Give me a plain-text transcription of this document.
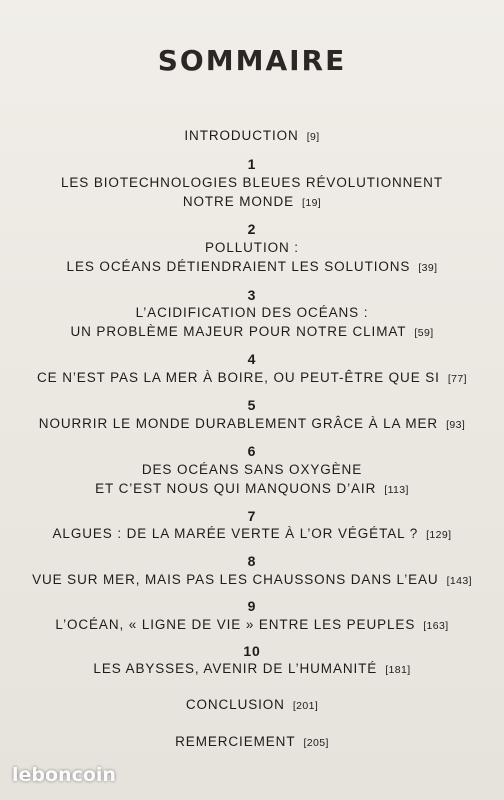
SOMMAIRE
INTRODUCTION [9]
1
LES BIOTECHNOLOGIES BLEUES RÉVOLUTIONNENT
NOTRE MONDE [19]
2
POLLUTION :
LES OCÉANS DÉTIENDRAIENT LES SOLUTIONS [39]
3
L’ACIDIFICATION DES OCÉANS :
UN PROBLÈME MAJEUR POUR NOTRE CLIMAT [59]
4
CE N’EST PAS LA MER À BOIRE, OU PEUT-ÊTRE QUE SI [77]
5
NOURRIR LE MONDE DURABLEMENT GRÂCE À LA MER [93]
6
DES OCÉANS SANS OXYGÈNE
ET C’EST NOUS QUI MANQUONS D’AIR [113]
7
ALGUES : DE LA MARÉE VERTE À L’OR VÉGÉTAL ? [129]
8
VUE SUR MER, MAIS PAS LES CHAUSSONS DANS L’EAU [143]
9
L’OCÉAN, « LIGNE DE VIE » ENTRE LES PEUPLES [163]
10
LES ABYSSES, AVENIR DE L’HUMANITÉ [181]
CONCLUSION [201]
REMERCIEMENT [205]
leboncoin
